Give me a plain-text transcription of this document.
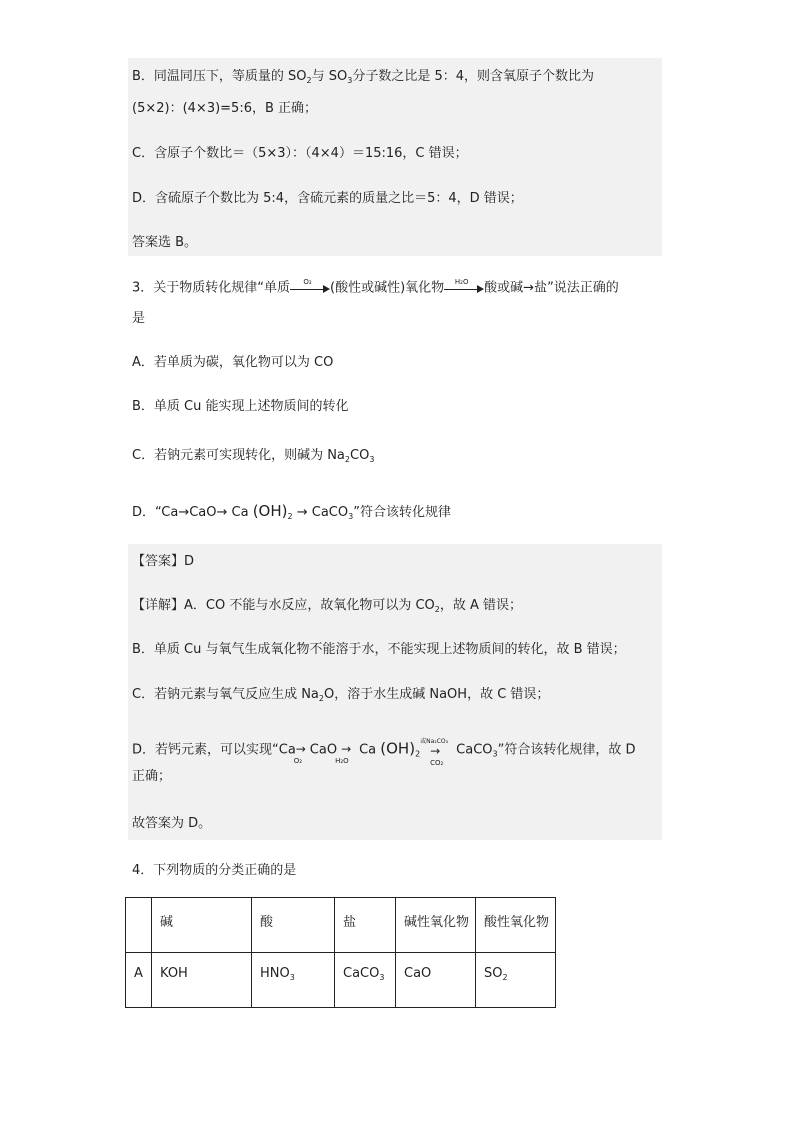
B．同温同压下，等质量的 $SO_2$与 $SO_3$分子数之比是 5：4，则含氧原子个数比为
(5×2)：(4×3)=5:6，B 正确；
C．含原子个数比＝（5×3）：（4×4）＝15:16，C 错误；
D．含硫原子个数比为 5:4，含硫元素的质量之比＝5：4，D 错误；
答案选 B。
3．关于物质转化规律“单质	O₂	(酸性或碱性)氧化物	H₂O	酸或碱→盐”说法正确的
是
A．若单质为碳，氧化物可以为 CO
B．单质 Cu 能实现上述物质间的转化
C．若钠元素可实现转化，则碱为 $Na_2CO_3$
D．“Ca→CaO→ Ca $(OH)_2$ → CaCO$_3$”符合该转化规律
【答案】D
【详解】A．CO 不能与水反应，故氧化物可以为 $CO_2$，故 A 错误；
B．单质 Cu 与氧气生成氧化物不能溶于水，不能实现上述物质间的转化，故 B 错误；
C．若钠元素与氧气反应生成 $Na_2O$，溶于水生成碱 NaOH，故 C 错误；
D．若钙元素，可以实现“Ca →
O₂
CaO →
H₂O
Ca $(OH)_2$
或Na₂CO₃
→
CO₂
CaCO$_3$”符合该转化规律，故 D
正确；
故答案为 D。
4．下列物质的分类正确的是
	碱	酸	盐	碱性氧化物	酸性氧化物
A	KOH	$HNO_3$	CaCO$_3$	CaO	$SO_2$
